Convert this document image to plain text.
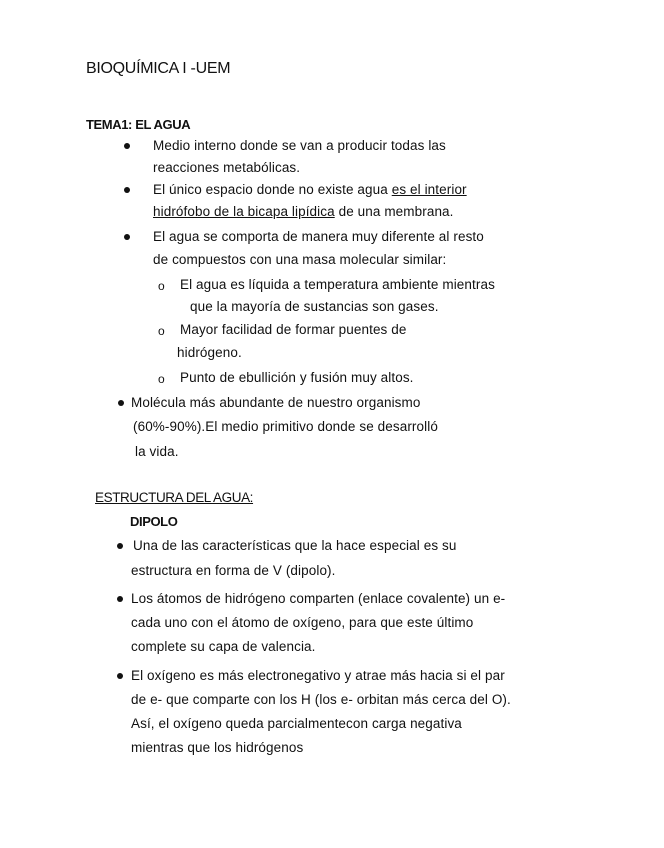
BIOQUÍMICA I -UEM
TEMA1: EL AGUA
Medio interno donde se van a producir todas las
reacciones metabólicas.
El único espacio donde no existe agua es el interior
hidrófobo de la bicapa lipídica de una membrana.
El agua se comporta de manera muy diferente al resto
de compuestos con una masa molecular similar:
o El agua es líquida a temperatura ambiente mientras
que la mayoría de sustancias son gases.
o Mayor facilidad de formar puentes de
hidrógeno.
o Punto de ebullición y fusión muy altos.
Molécula más abundante de nuestro organismo
(60%-90%).El medio primitivo donde se desarrolló
la vida.
ESTRUCTURA DEL AGUA:
DIPOLO
Una de las características que la hace especial es su
estructura en forma de V (dipolo).
Los átomos de hidrógeno comparten (enlace covalente) un e-
cada uno con el átomo de oxígeno, para que este último
complete su capa de valencia.
El oxígeno es más electronegativo y atrae más hacia si el par
de e- que comparte con los H (los e- orbitan más cerca del O).
Así, el oxígeno queda parcialmentecon carga negativa
mientras que los hidrógenos
